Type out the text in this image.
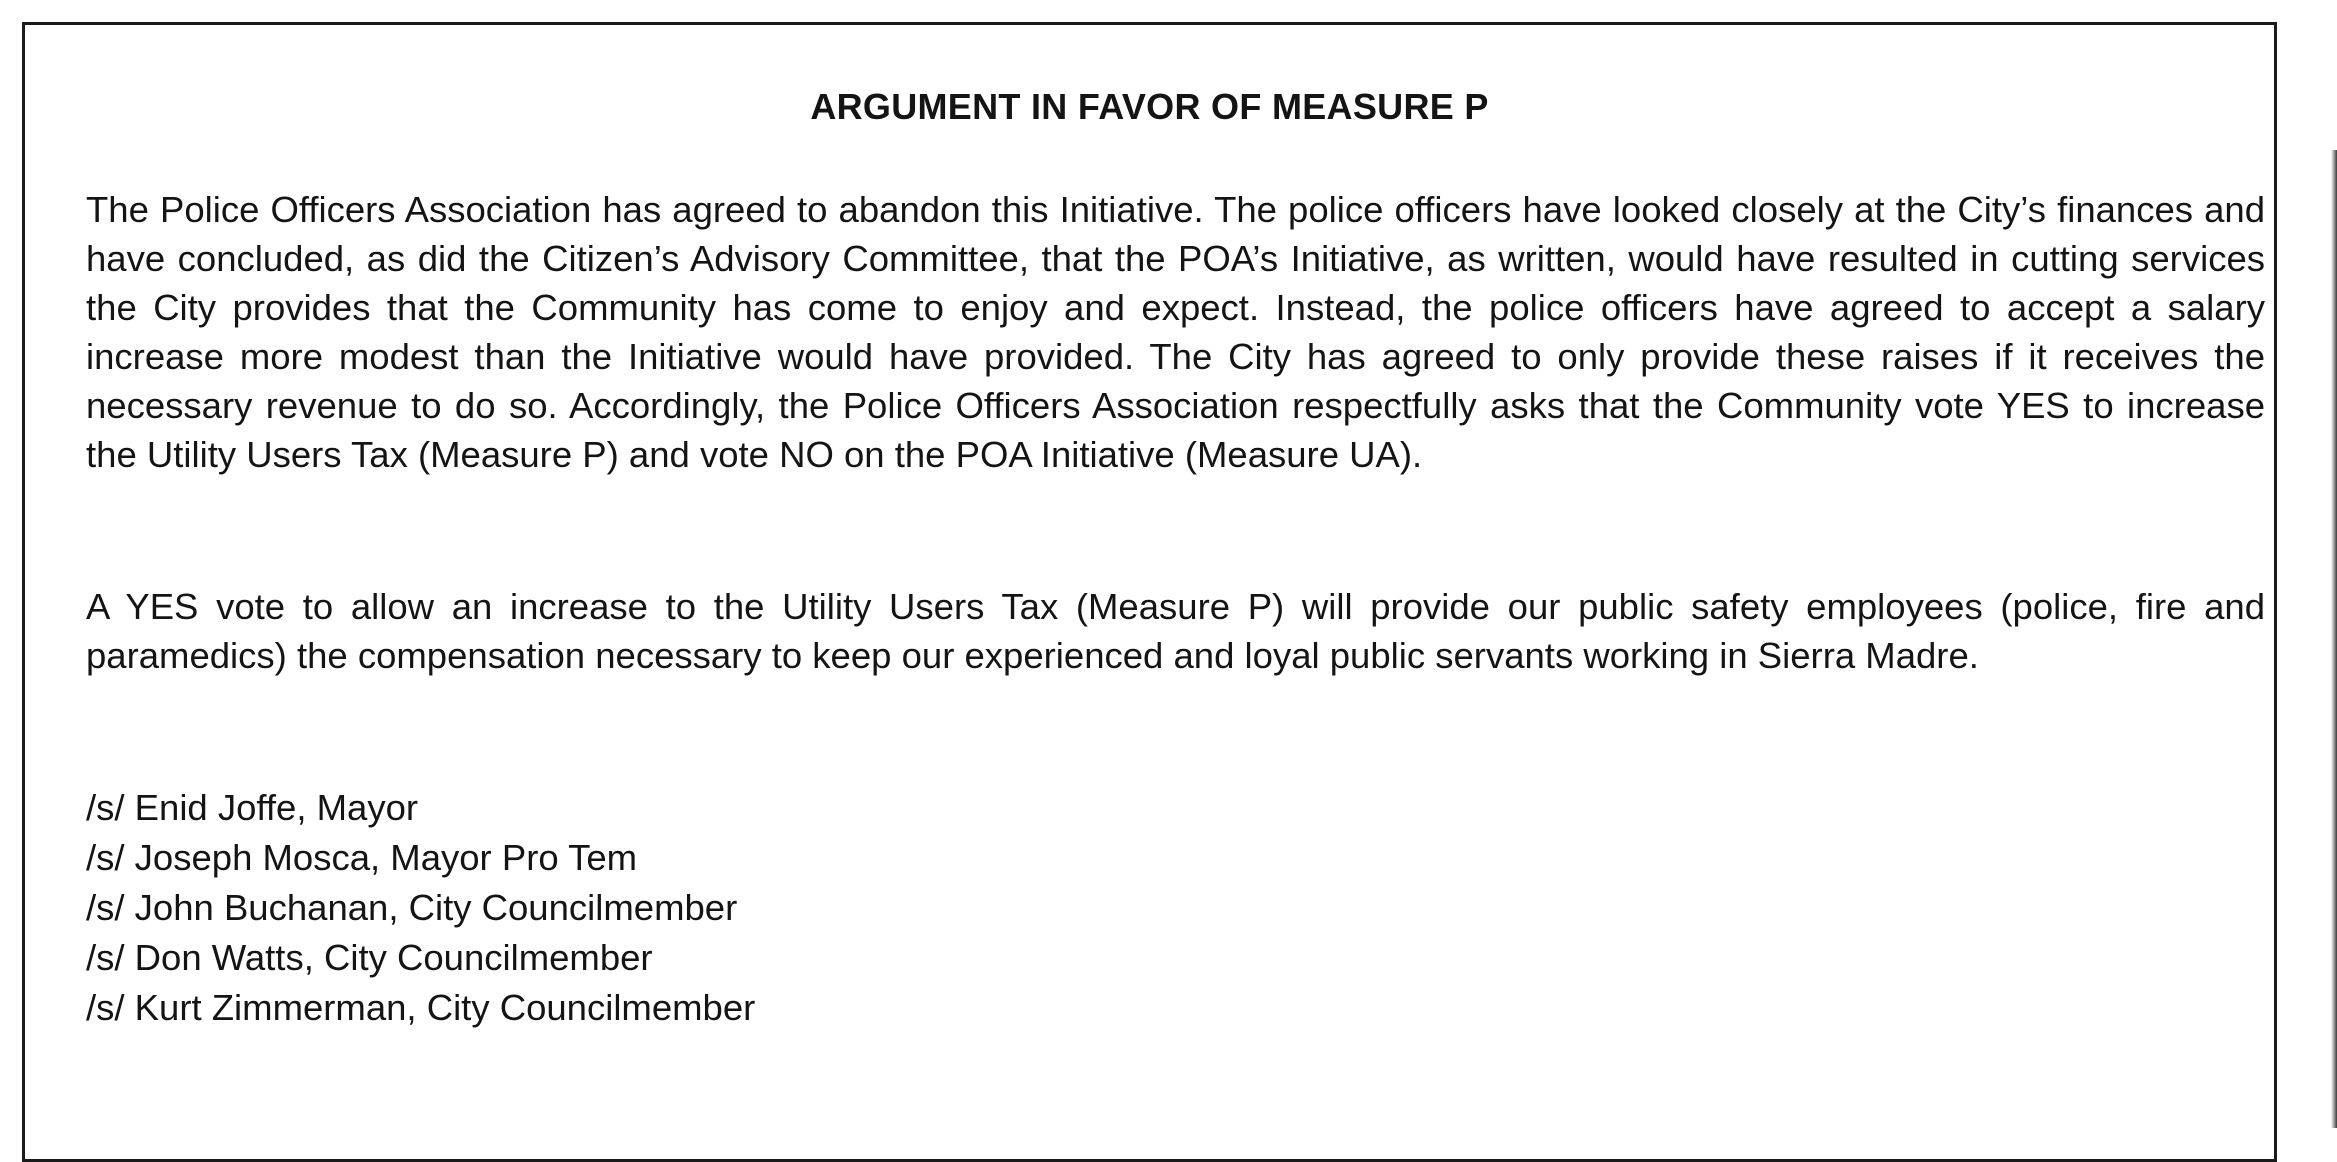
ARGUMENT IN FAVOR OF MEASURE P
The Police Officers Association has agreed to abandon this Initiative. The police officers have looked closely at the City’s finances and have concluded, as did the Citizen’s Advisory Committee, that the POA’s Initiative, as written, would have resulted in cutting services the City provides that the Community has come to enjoy and expect. Instead, the police officers have agreed to accept a salary increase more modest than the Initiative would have provided. The City has agreed to only provide these raises if it receives the necessary revenue to do so. Accordingly, the Police Officers Association respectfully asks that the Community vote YES to increase the Utility Users Tax (Measure P) and vote NO on the POA Initiative (Measure UA).
A YES vote to allow an increase to the Utility Users Tax (Measure P) will provide our public safety employees (police, fire and paramedics) the compensation necessary to keep our experienced and loyal public servants working in Sierra Madre.
/s/ Enid Joffe, Mayor
/s/ Joseph Mosca, Mayor Pro Tem
/s/ John Buchanan, City Councilmember
/s/ Don Watts, City Councilmember
/s/ Kurt Zimmerman, City Councilmember
